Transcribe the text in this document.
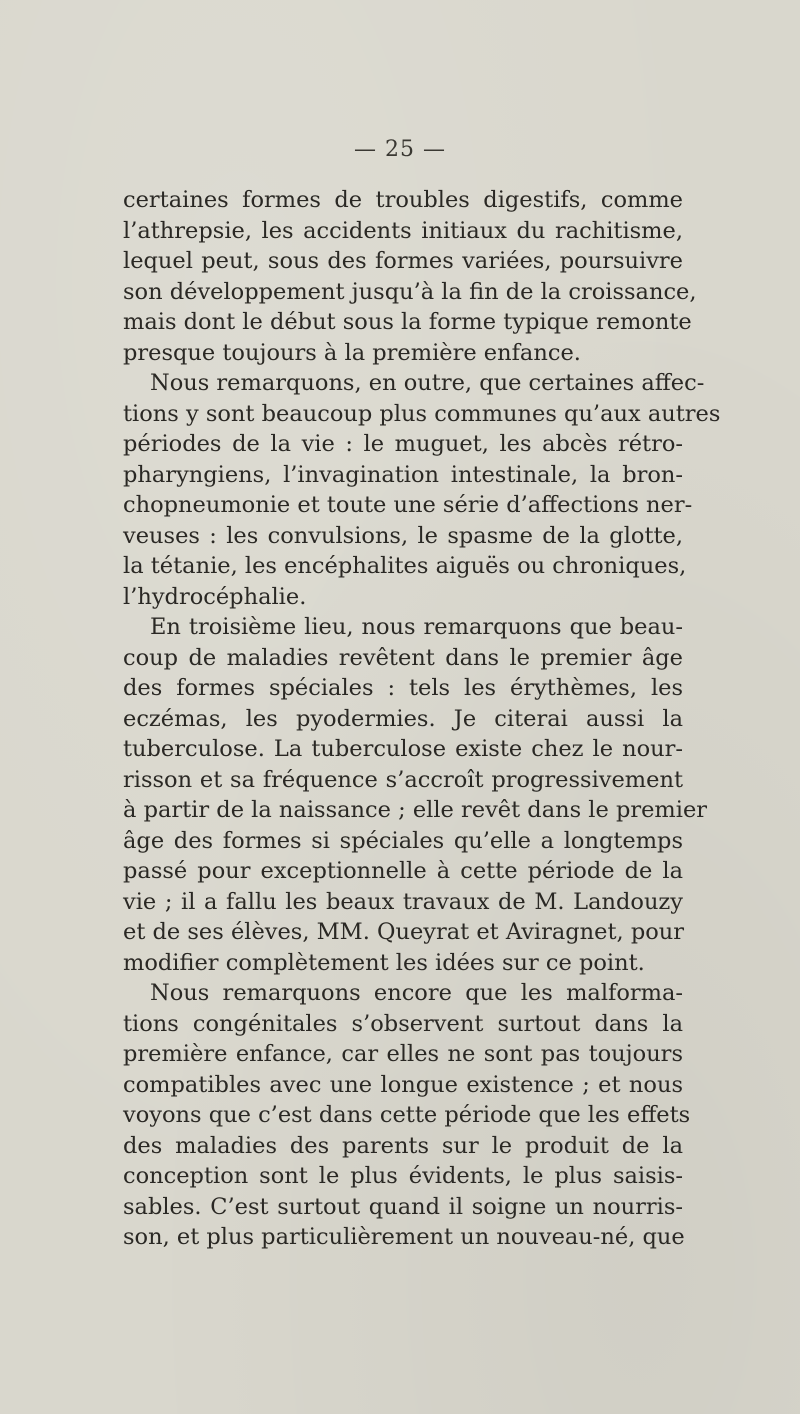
— 25 —
certaines formes de troubles digestifs, comme
l’athrepsie, les accidents initiaux du rachitisme,
lequel peut, sous des formes variées, poursuivre
son développement jusqu’à la fin de la croissance,
mais dont le début sous la forme typique remonte
presque toujours à la première enfance.
Nous remarquons, en outre, que certaines affec-
tions y sont beaucoup plus communes qu’aux autres
périodes de la vie : le muguet, les abcès rétro-
pharyngiens, l’invagination intestinale, la bron-
chopneumonie et toute une série d’affections ner-
veuses : les convulsions, le spasme de la glotte,
la tétanie, les encéphalites aiguës ou chroniques,
l’hydrocéphalie.
En troisième lieu, nous remarquons que beau-
coup de maladies revêtent dans le premier âge
des formes spéciales : tels les érythèmes, les
eczémas, les pyodermies. Je citerai aussi la
tuberculose. La tuberculose existe chez le nour-
risson et sa fréquence s’accroît progressivement
à partir de la naissance ; elle revêt dans le premier
âge des formes si spéciales qu’elle a longtemps
passé pour exceptionnelle à cette période de la
vie ; il a fallu les beaux travaux de M. Landouzy
et de ses élèves, MM. Queyrat et Aviragnet, pour
modifier complètement les idées sur ce point.
Nous remarquons encore que les malforma-
tions congénitales s’observent surtout dans la
première enfance, car elles ne sont pas toujours
compatibles avec une longue existence ; et nous
voyons que c’est dans cette période que les effets
des maladies des parents sur le produit de la
conception sont le plus évidents, le plus saisis-
sables. C’est surtout quand il soigne un nourris-
son, et plus particulièrement un nouveau-né, que
